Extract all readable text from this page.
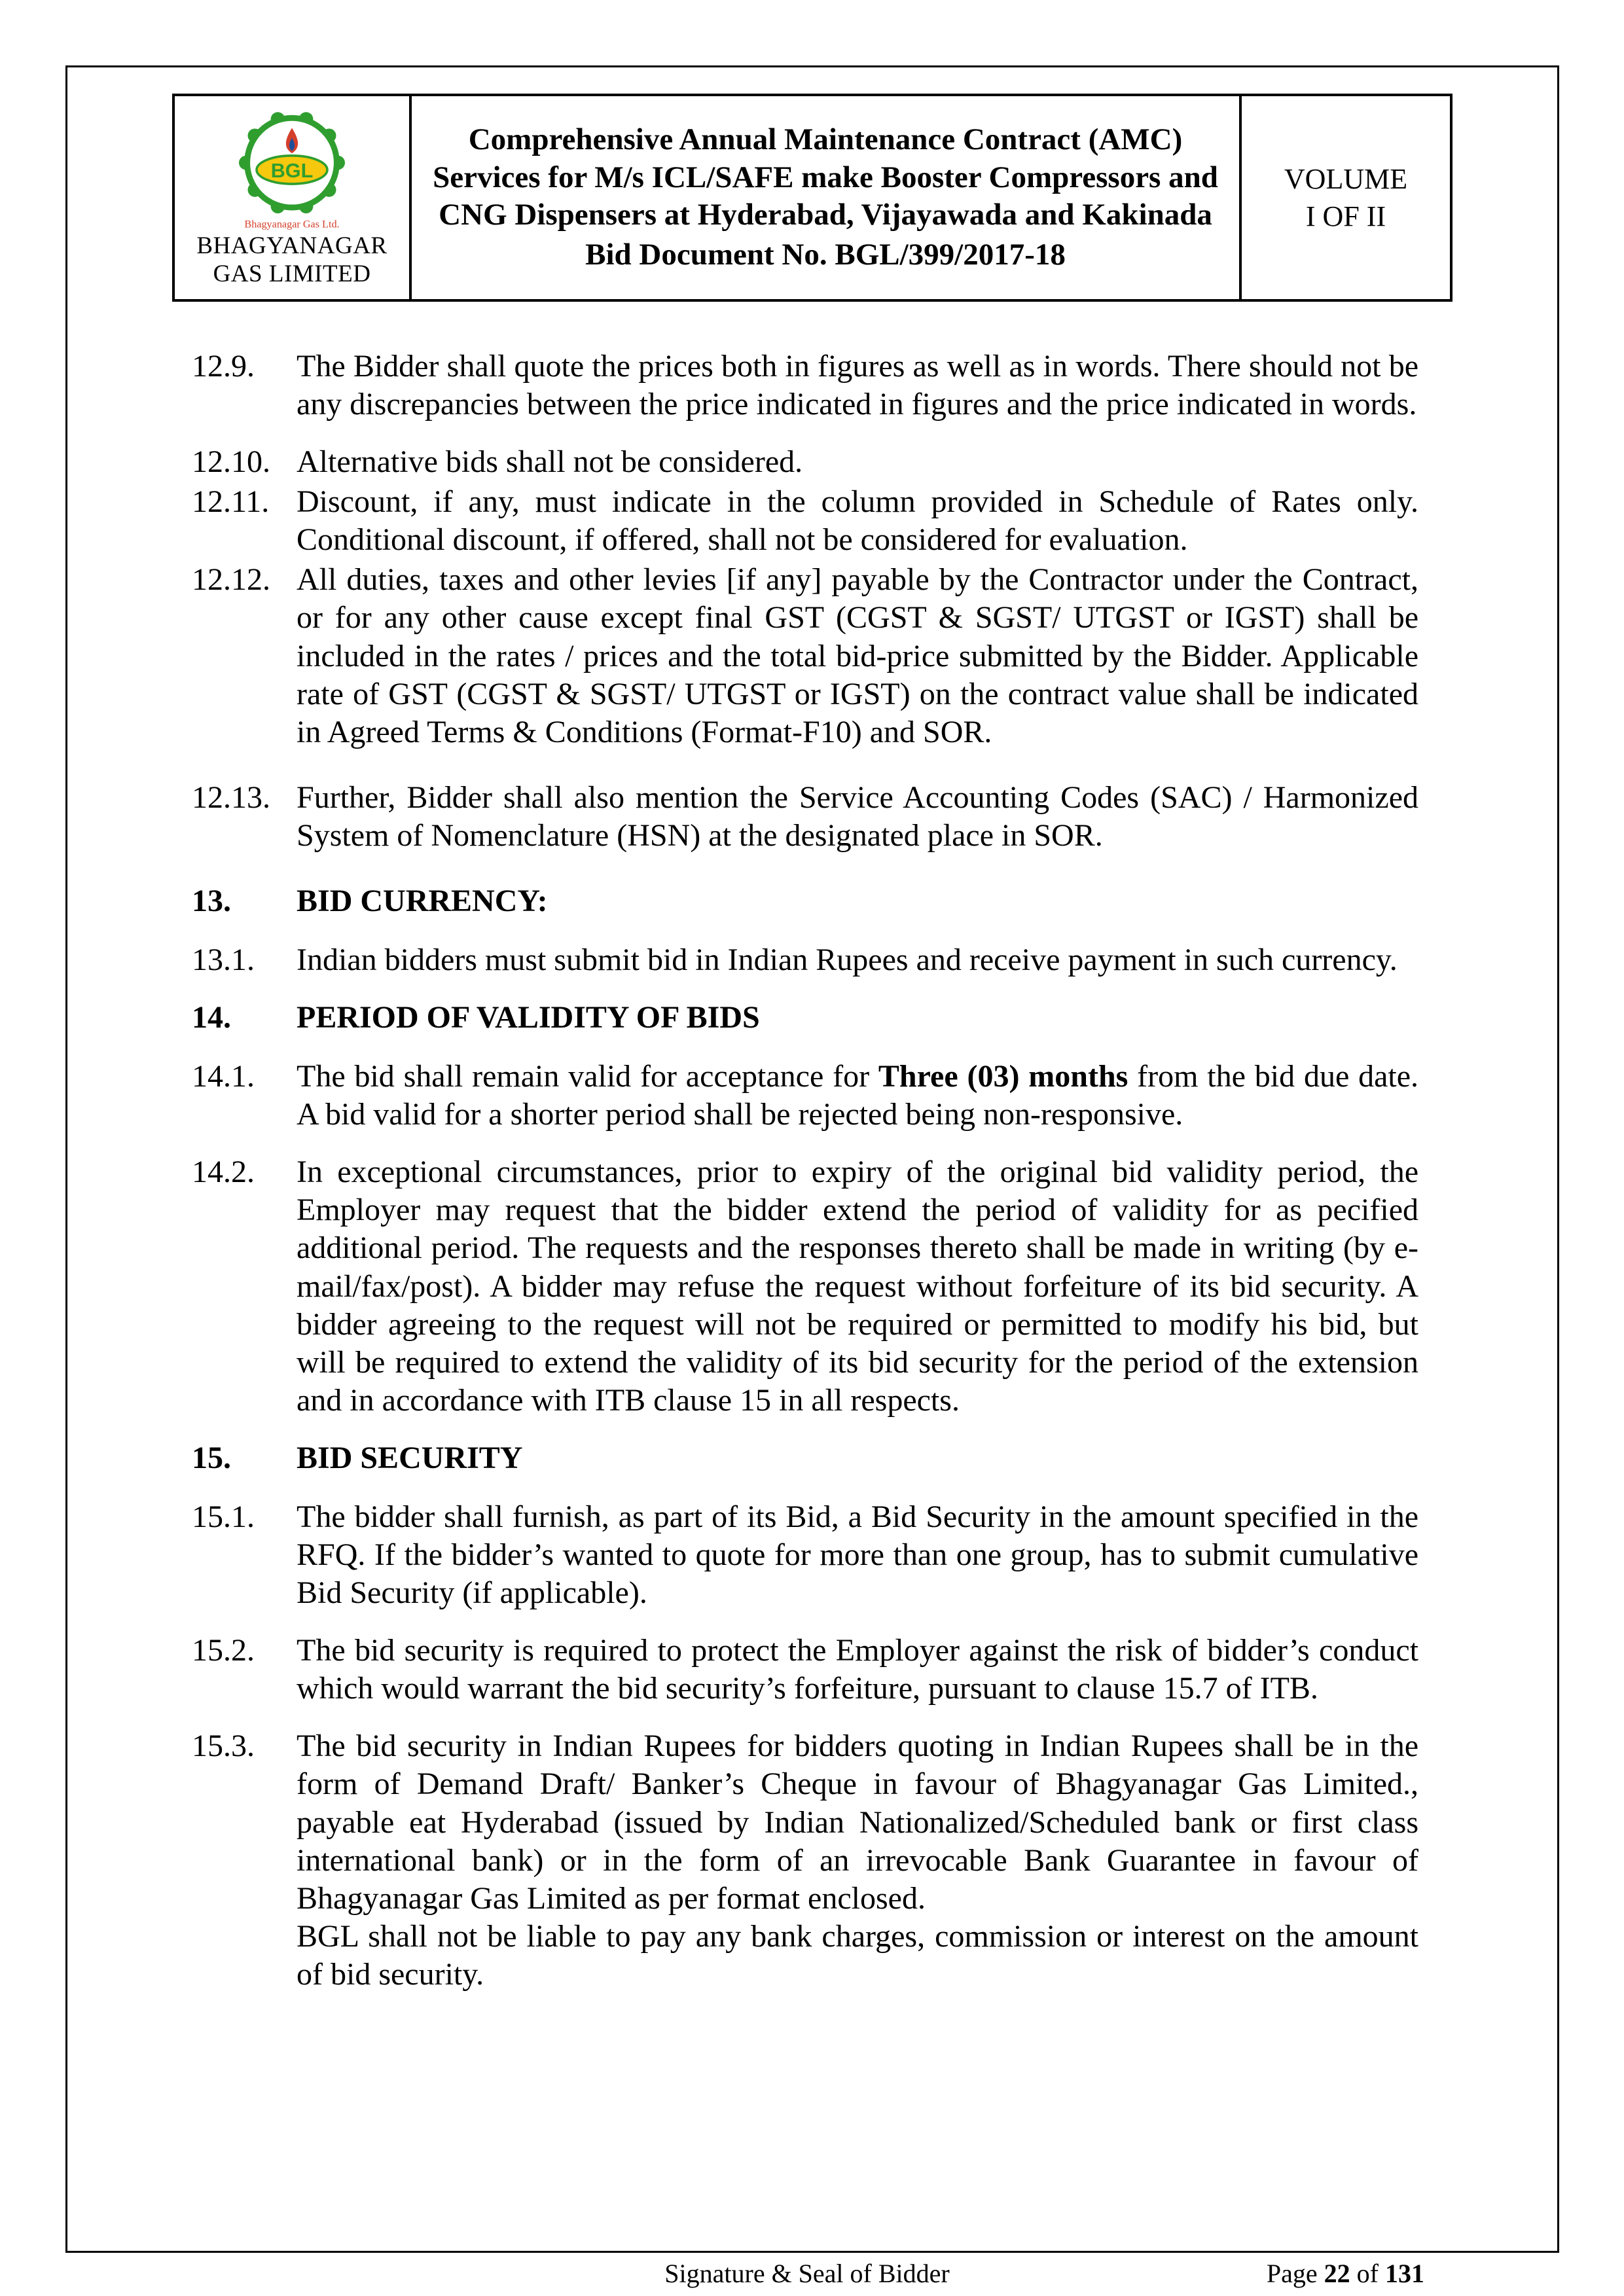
BGL
Bhagyanagar Gas Ltd.
BHAGYANAGAR
GAS LIMITED
Comprehensive Annual Maintenance Contract (AMC) Services for M/s ICL/SAFE make Booster Compressors and CNG Dispensers at Hyderabad, Vijayawada and Kakinada
Bid Document No. BGL/399/2017-18
VOLUME
I OF II
12.9.	The Bidder shall quote the prices both in figures as well as in words. There should not be any discrepancies between the price indicated in figures and the price indicated in words.
12.10. Alternative bids shall not be considered.
12.11. Discount, if any, must indicate in the column provided in Schedule of Rates only. Conditional discount, if offered, shall not be considered for evaluation.
12.12. All duties, taxes and other levies [if any] payable by the Contractor under the Contract, or for any other cause except final GST (CGST & SGST/ UTGST or IGST) shall be included in the rates / prices and the total bid-price submitted by the Bidder. Applicable rate of GST (CGST & SGST/ UTGST or IGST) on the contract value shall be indicated in Agreed Terms & Conditions (Format-F10) and SOR.
12.13. Further, Bidder shall also mention the Service Accounting Codes (SAC) / Harmonized System of Nomenclature (HSN) at the designated place in SOR.
13.	BID CURRENCY:
13.1.	Indian bidders must submit bid in Indian Rupees and receive payment in such currency.
14.	PERIOD OF VALIDITY OF BIDS
14.1.	The bid shall remain valid for acceptance for Three (03) months from the bid due date. A bid valid for a shorter period shall be rejected being non-responsive.
14.2.	In exceptional circumstances, prior to expiry of the original bid validity period, the Employer may request that the bidder extend the period of validity for as pecified additional period. The requests and the responses thereto shall be made in writing (by e-mail/fax/post). A bidder may refuse the request without forfeiture of its bid security. A bidder agreeing to the request will not be required or permitted to modify his bid, but will be required to extend the validity of its bid security for the period of the extension and in accordance with ITB clause 15 in all respects.
15.	BID SECURITY
15.1.	The bidder shall furnish, as part of its Bid, a Bid Security in the amount specified in the RFQ. If the bidder’s wanted to quote for more than one group, has to submit cumulative Bid Security (if applicable).
15.2.	The bid security is required to protect the Employer against the risk of bidder’s conduct which would warrant the bid security’s forfeiture, pursuant to clause 15.7 of ITB.
15.3.	The bid security in Indian Rupees for bidders quoting in Indian Rupees shall be in the form of Demand Draft/ Banker’s Cheque in favour of Bhagyanagar Gas Limited., payable eat Hyderabad (issued by Indian Nationalized/Scheduled bank or first class international bank) or in the form of an irrevocable Bank Guarantee in favour of Bhagyanagar Gas Limited as per format enclosed.
BGL shall not be liable to pay any bank charges, commission or interest on the amount of bid security.
Signature & Seal of Bidder	Page 22 of 131
